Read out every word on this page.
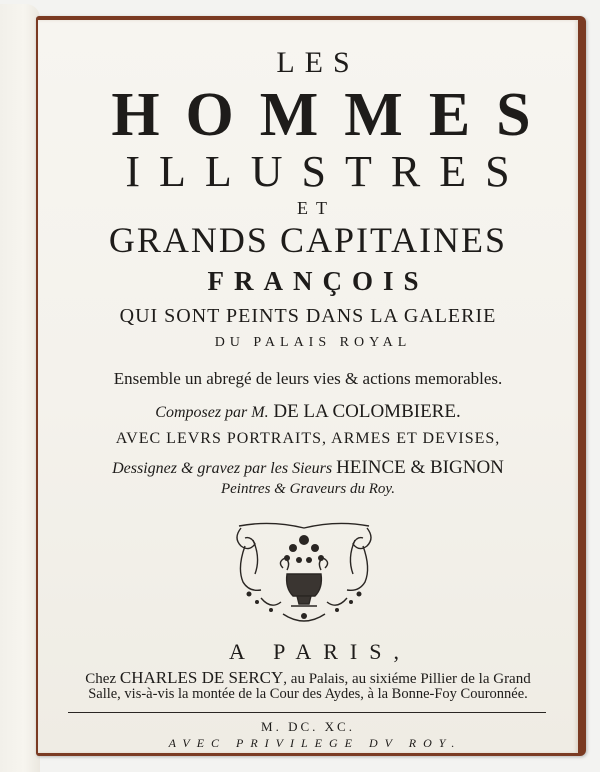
LES
HOMMES
ILLUSTRES
ET
GRANDS CAPITAINES
FRANÇOIS
QUI SONT PEINTS DANS LA GALERIE
DU PALAIS ROYAL
Ensemble un abregé de leurs vies & actions memorables.
Composez par M. DE LA COLOMBIERE.
AVEC LEVRS PORTRAITS, ARMES ET DEVISES,
Dessignez & gravez par les Sieurs HEINCE & BIGNON
Peintres & Graveurs du Roy.
A PARIS,
Chez CHARLES DE SERCY, au Palais, au sixiéme Pillier de la Grand
Salle, vis-à-vis la montée de la Cour des Aydes, à la Bonne-Foy Couronnée.
M. DC. XC.
AVEC PRIVILEGE DV ROY.
